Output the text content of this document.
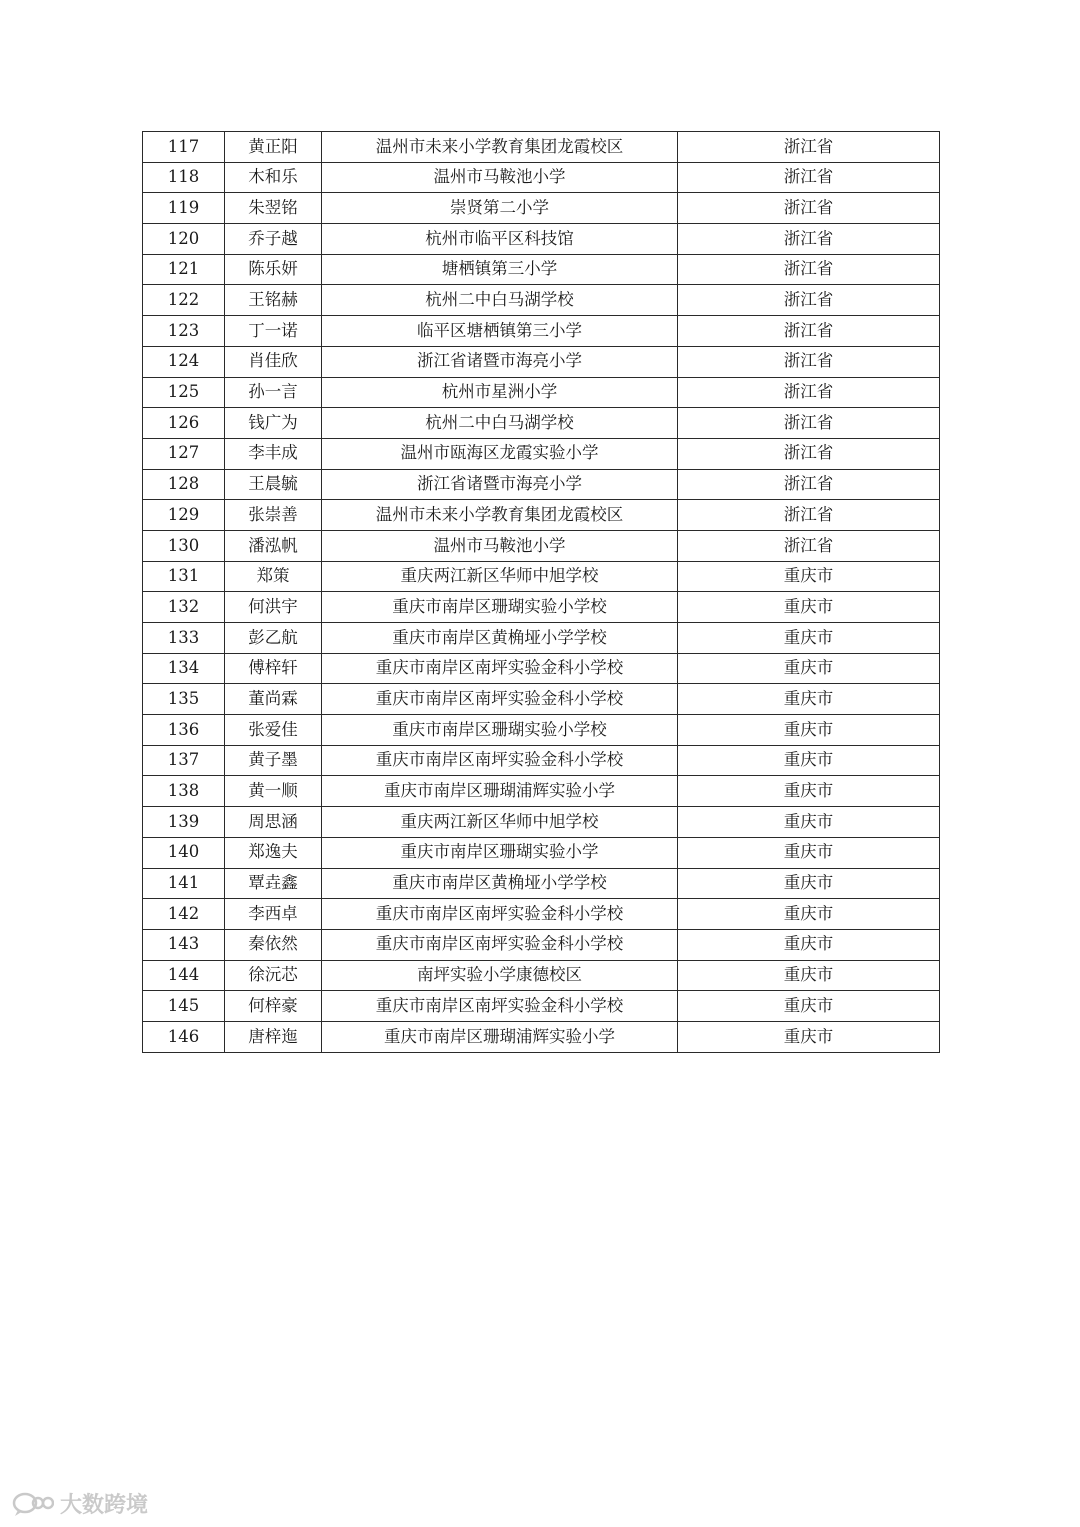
117	黄正阳	温州市未来小学教育集团龙霞校区	浙江省
118	木和乐	温州市马鞍池小学	浙江省
119	朱翌铭	崇贤第二小学	浙江省
120	乔子越	杭州市临平区科技馆	浙江省
121	陈乐妍	塘栖镇第三小学	浙江省
122	王铭赫	杭州二中白马湖学校	浙江省
123	丁一诺	临平区塘栖镇第三小学	浙江省
124	肖佳欣	浙江省诸暨市海亮小学	浙江省
125	孙一言	杭州市星洲小学	浙江省
126	钱广为	杭州二中白马湖学校	浙江省
127	李丰成	温州市瓯海区龙霞实验小学	浙江省
128	王晨毓	浙江省诸暨市海亮小学	浙江省
129	张崇善	温州市未来小学教育集团龙霞校区	浙江省
130	潘泓帆	温州市马鞍池小学	浙江省
131	郑策	重庆两江新区华师中旭学校	重庆市
132	何洪宇	重庆市南岸区珊瑚实验小学校	重庆市
133	彭乙航	重庆市南岸区黄桷垭小学学校	重庆市
134	傅梓轩	重庆市南岸区南坪实验金科小学校	重庆市
135	董尚霖	重庆市南岸区南坪实验金科小学校	重庆市
136	张爱佳	重庆市南岸区珊瑚实验小学校	重庆市
137	黄子墨	重庆市南岸区南坪实验金科小学校	重庆市
138	黄一顺	重庆市南岸区珊瑚浦辉实验小学	重庆市
139	周思涵	重庆两江新区华师中旭学校	重庆市
140	郑逸夫	重庆市南岸区珊瑚实验小学	重庆市
141	覃垚鑫	重庆市南岸区黄桷垭小学学校	重庆市
142	李西卓	重庆市南岸区南坪实验金科小学校	重庆市
143	秦依然	重庆市南岸区南坪实验金科小学校	重庆市
144	徐沅芯	南坪实验小学康德校区	重庆市
145	何梓豪	重庆市南岸区南坪实验金科小学校	重庆市
146	唐梓迤	重庆市南岸区珊瑚浦辉实验小学	重庆市
大数跨境
